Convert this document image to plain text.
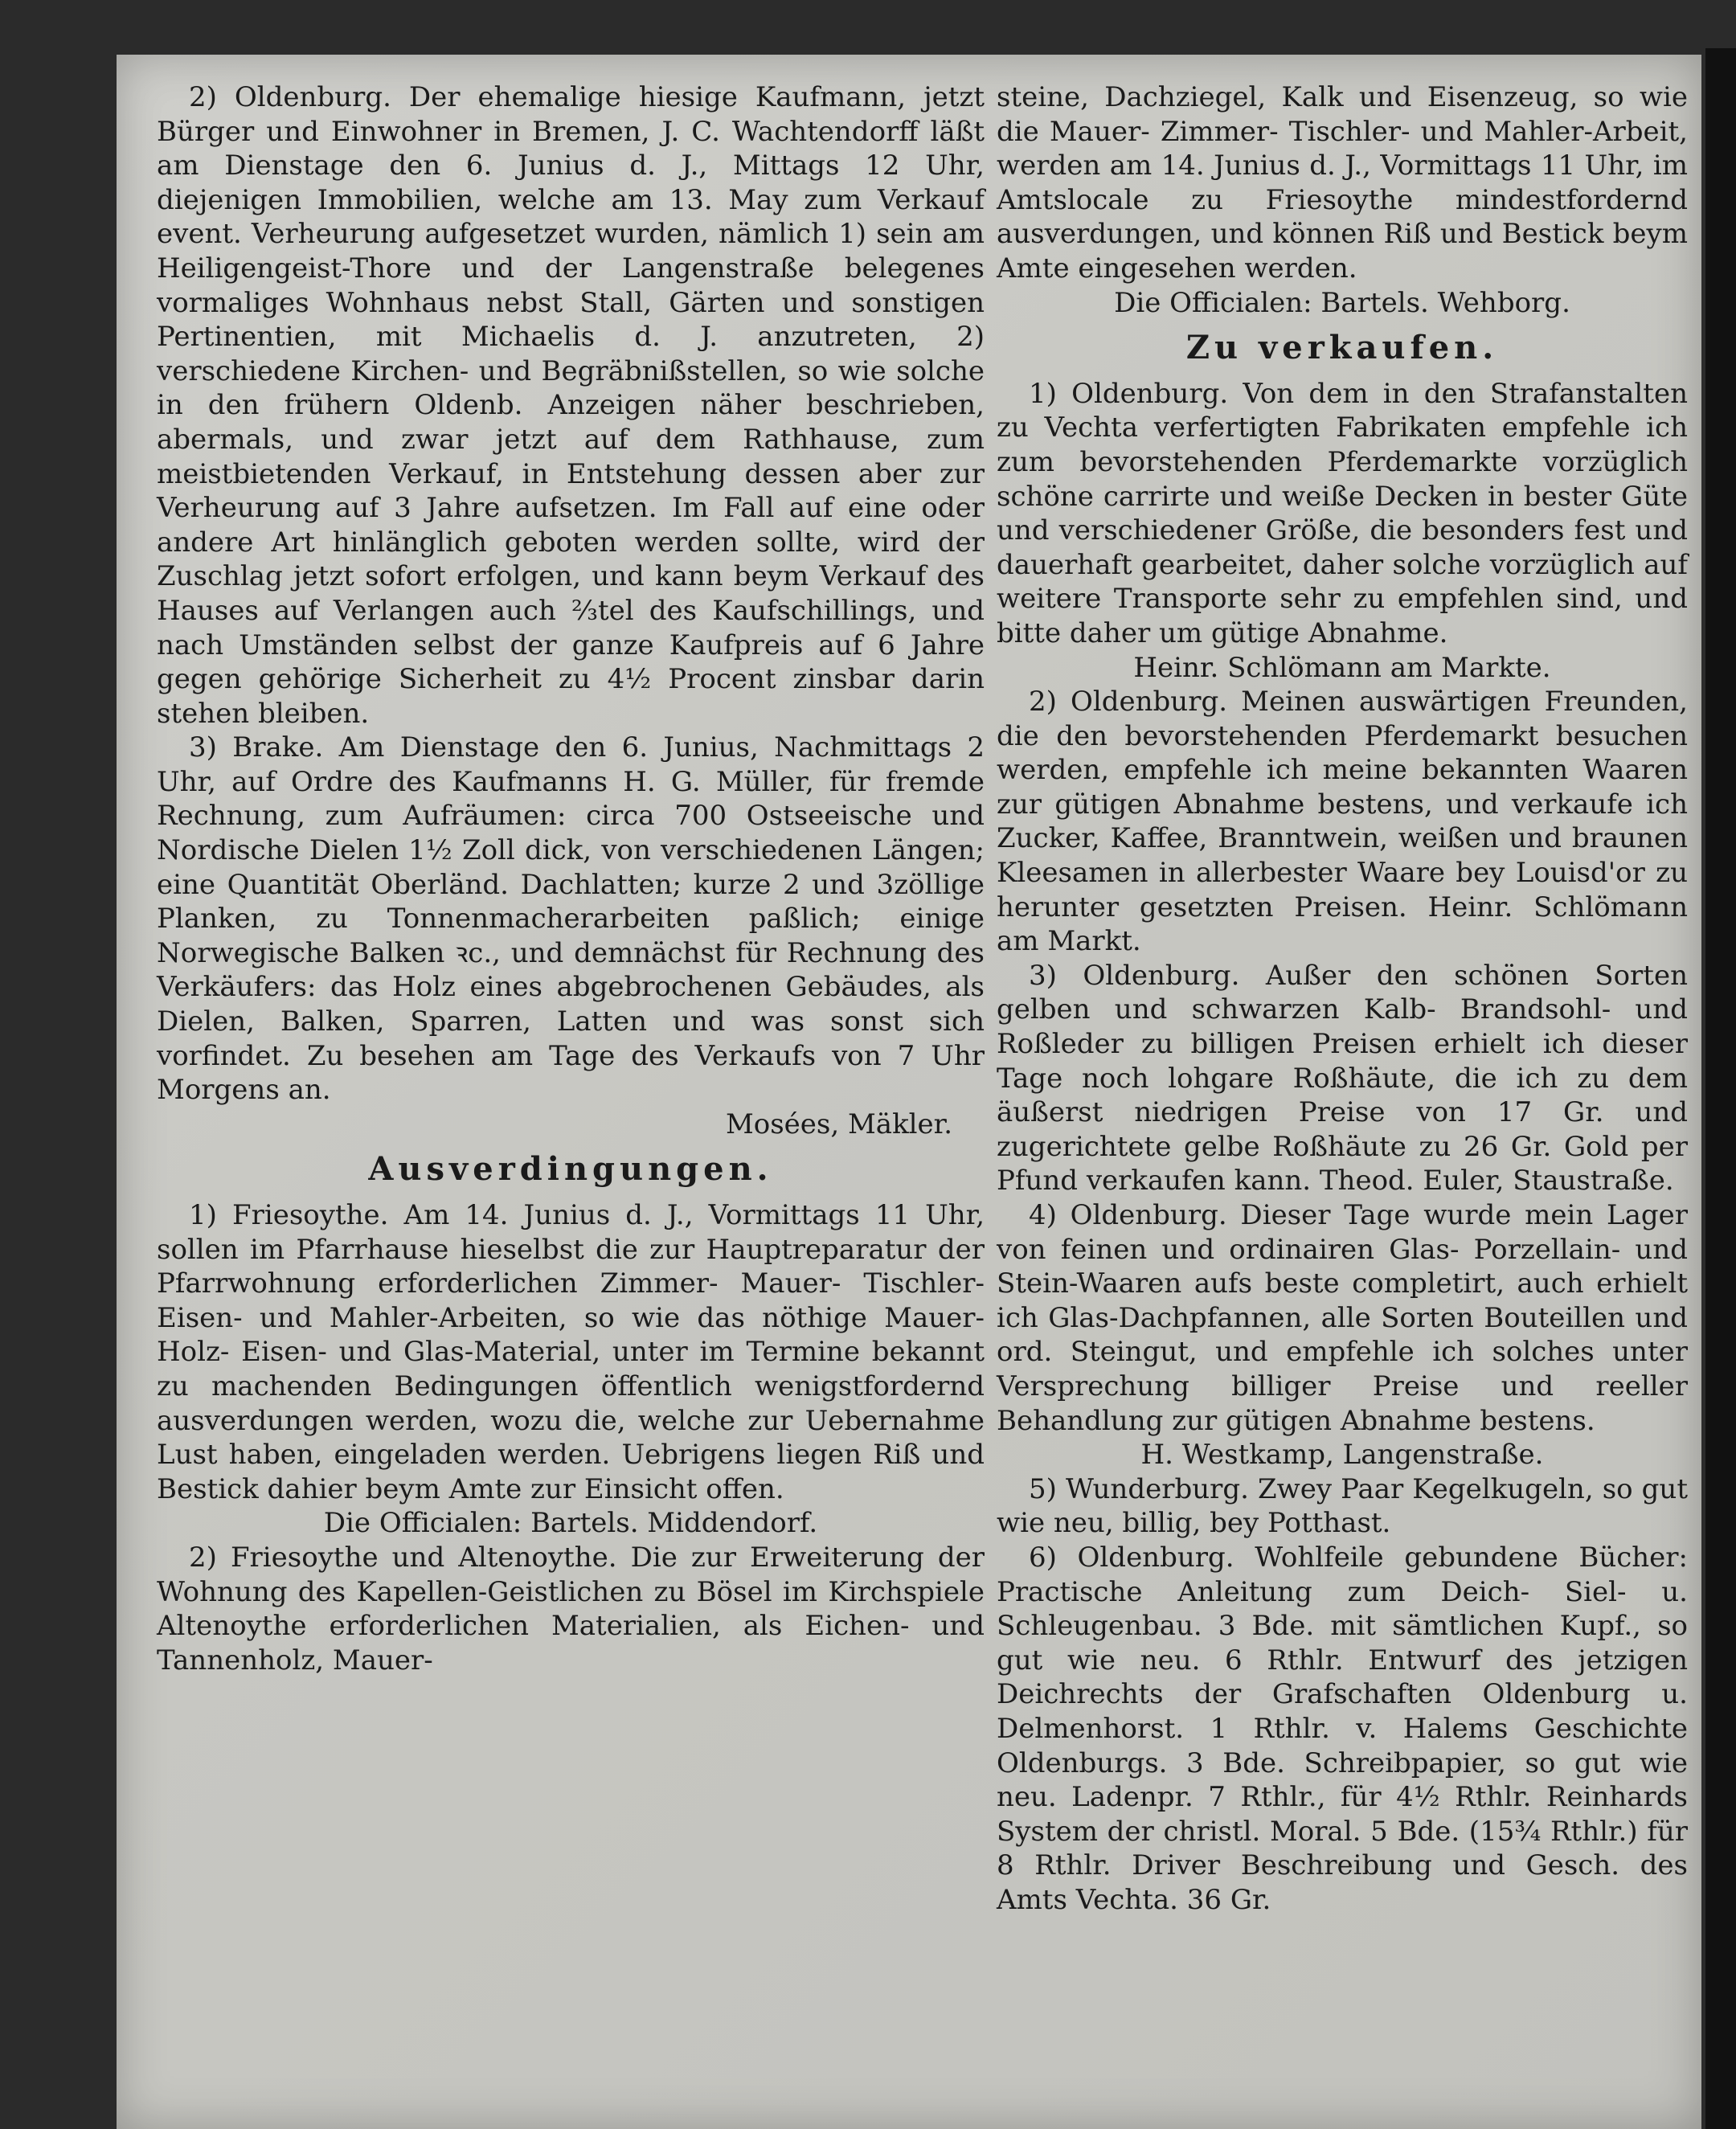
2) Oldenburg. Der ehemalige hiesige Kaufmann, jetzt Bürger und Einwohner in Bremen, J. C. Wachtendorff läßt am Dienstage den 6. Junius d. J., Mittags 12 Uhr, diejenigen Immobilien, welche am 13. May zum Verkauf event. Verheurung aufgesetzet wurden, nämlich 1) sein am Heiligengeist-Thore und der Langenstraße belegenes vormaliges Wohnhaus nebst Stall, Gärten und sonstigen Pertinentien, mit Michaelis d. J. anzutreten, 2) verschiedene Kirchen- und Begräbnißstellen, so wie solche in den frühern Oldenb. Anzeigen näher beschrieben, abermals, und zwar jetzt auf dem Rathhause, zum meistbietenden Verkauf, in Entstehung dessen aber zur Verheurung auf 3 Jahre aufsetzen. Im Fall auf eine oder andere Art hinlänglich geboten werden sollte, wird der Zuschlag jetzt sofort erfolgen, und kann beym Verkauf des Hauses auf Verlangen auch ⅔tel des Kaufschillings, und nach Umständen selbst der ganze Kaufpreis auf 6 Jahre gegen gehörige Sicherheit zu 4½ Procent zinsbar darin stehen bleiben.

3) Brake. Am Dienstage den 6. Junius, Nachmittags 2 Uhr, auf Ordre des Kaufmanns H. G. Müller, für fremde Rechnung, zum Aufräumen: circa 700 Ostseeische und Nordische Dielen 1½ Zoll dick, von verschiedenen Längen; eine Quantität Oberländ. Dachlatten; kurze 2 und 3zöllige Planken, zu Tonnenmacherarbeiten paßlich; einige Norwegische Balken ꝛc., und demnächst für Rechnung des Verkäufers: das Holz eines abgebrochenen Gebäudes, als Dielen, Balken, Sparren, Latten und was sonst sich vorfindet. Zu besehen am Tage des Verkaufs von 7 Uhr Morgens an.

Mosées, Mäkler.

Ausverdingungen.

1) Friesoythe. Am 14. Junius d. J., Vormittags 11 Uhr, sollen im Pfarrhause hieselbst die zur Hauptreparatur der Pfarrwohnung erforderlichen Zimmer- Mauer- Tischler- Eisen- und Mahler-Arbeiten, so wie das nöthige Mauer- Holz- Eisen- und Glas-Material, unter im Termine bekannt zu machenden Bedingungen öffentlich wenigstfordernd ausverdungen werden, wozu die, welche zur Uebernahme Lust haben, eingeladen werden. Uebrigens liegen Riß und Bestick dahier beym Amte zur Einsicht offen.

Die Officialen: Bartels. Middendorf.

2) Friesoythe und Altenoythe. Die zur Erweiterung der Wohnung des Kapellen-Geistlichen zu Bösel im Kirchspiele Altenoythe erforderlichen Materialien, als Eichen- und Tannenholz, Mauer-

steine, Dachziegel, Kalk und Eisenzeug, so wie die Mauer- Zimmer- Tischler- und Mahler-Arbeit, werden am 14. Junius d. J., Vormittags 11 Uhr, im Amtslocale zu Friesoythe mindestfordernd ausverdungen, und können Riß und Bestick beym Amte eingesehen werden.

Die Officialen: Bartels. Wehborg.

Zu verkaufen.

1) Oldenburg. Von dem in den Strafanstalten zu Vechta verfertigten Fabrikaten empfehle ich zum bevorstehenden Pferdemarkte vorzüglich schöne carrirte und weiße Decken in bester Güte und verschiedener Größe, die besonders fest und dauerhaft gearbeitet, daher solche vorzüglich auf weitere Transporte sehr zu empfehlen sind, und bitte daher um gütige Abnahme.

Heinr. Schlömann am Markte.

2) Oldenburg. Meinen auswärtigen Freunden, die den bevorstehenden Pferdemarkt besuchen werden, empfehle ich meine bekannten Waaren zur gütigen Abnahme bestens, und verkaufe ich Zucker, Kaffee, Branntwein, weißen und braunen Kleesamen in allerbester Waare bey Louisd'or zu herunter gesetzten Preisen. Heinr. Schlömann am Markt.

3) Oldenburg. Außer den schönen Sorten gelben und schwarzen Kalb- Brandsohl- und Roßleder zu billigen Preisen erhielt ich dieser Tage noch lohgare Roßhäute, die ich zu dem äußerst niedrigen Preise von 17 Gr. und zugerichtete gelbe Roßhäute zu 26 Gr. Gold per Pfund verkaufen kann. Theod. Euler, Staustraße.

4) Oldenburg. Dieser Tage wurde mein Lager von feinen und ordinairen Glas- Porzellain- und Stein-Waaren aufs beste completirt, auch erhielt ich Glas-Dachpfannen, alle Sorten Bouteillen und ord. Steingut, und empfehle ich solches unter Versprechung billiger Preise und reeller Behandlung zur gütigen Abnahme bestens.

H. Westkamp, Langenstraße.

5) Wunderburg. Zwey Paar Kegelkugeln, so gut wie neu, billig, bey Potthast.

6) Oldenburg. Wohlfeile gebundene Bücher: Practische Anleitung zum Deich- Siel- u. Schleugenbau. 3 Bde. mit sämtlichen Kupf., so gut wie neu. 6 Rthlr. Entwurf des jetzigen Deichrechts der Grafschaften Oldenburg u. Delmenhorst. 1 Rthlr. v. Halems Geschichte Oldenburgs. 3 Bde. Schreibpapier, so gut wie neu. Ladenpr. 7 Rthlr., für 4½ Rthlr. Reinhards System der christl. Moral. 5 Bde. (15¾ Rthlr.) für 8 Rthlr. Driver Beschreibung und Gesch. des Amts Vechta. 36 Gr.
